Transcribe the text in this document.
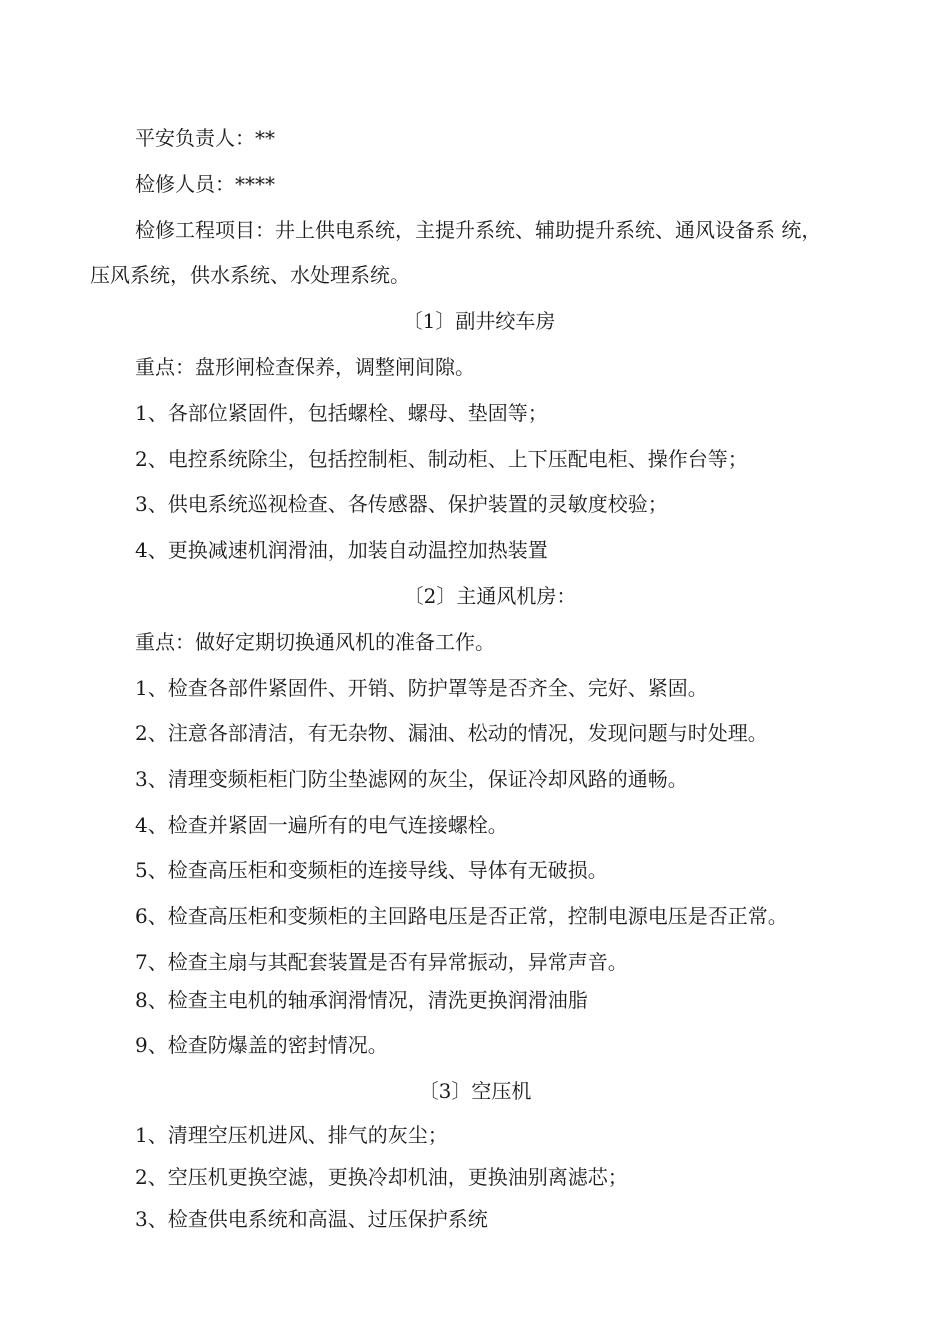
平安负责人：**
检修人员：****
检修工程项目：井上供电系统，主提升系统、辅助提升系统、通风设备系 统，
压风系统，供水系统、水处理系统。
〔1〕副井绞车房
重点：盘形闸检查保养，调整闸间隙。
1、各部位紧固件，包括螺栓、螺母、垫固等；
2、电控系统除尘，包括控制柜、制动柜、上下压配电柜、操作台等；
3、供电系统巡视检查、各传感器、保护装置的灵敏度校验；
4、更换减速机润滑油，加装自动温控加热装置
〔2〕主通风机房：
重点：做好定期切换通风机的准备工作。
1、检查各部件紧固件、开销、防护罩等是否齐全、完好、紧固。
2、注意各部清洁，有无杂物、漏油、松动的情况，发现问题与时处理。
3、清理变频柜柜门防尘垫滤网的灰尘，保证冷却风路的通畅。
4、检查并紧固一遍所有的电气连接螺栓。
5、检查高压柜和变频柜的连接导线、导体有无破损。
6、检查高压柜和变频柜的主回路电压是否正常，控制电源电压是否正常。
7、检查主扇与其配套装置是否有异常振动，异常声音。
8、检查主电机的轴承润滑情况，清洗更换润滑油脂
9、检查防爆盖的密封情况。
〔3〕空压机
1、清理空压机进风、排气的灰尘；
2、空压机更换空滤，更换冷却机油，更换油别离滤芯；
3、检查供电系统和高温、过压保护系统
